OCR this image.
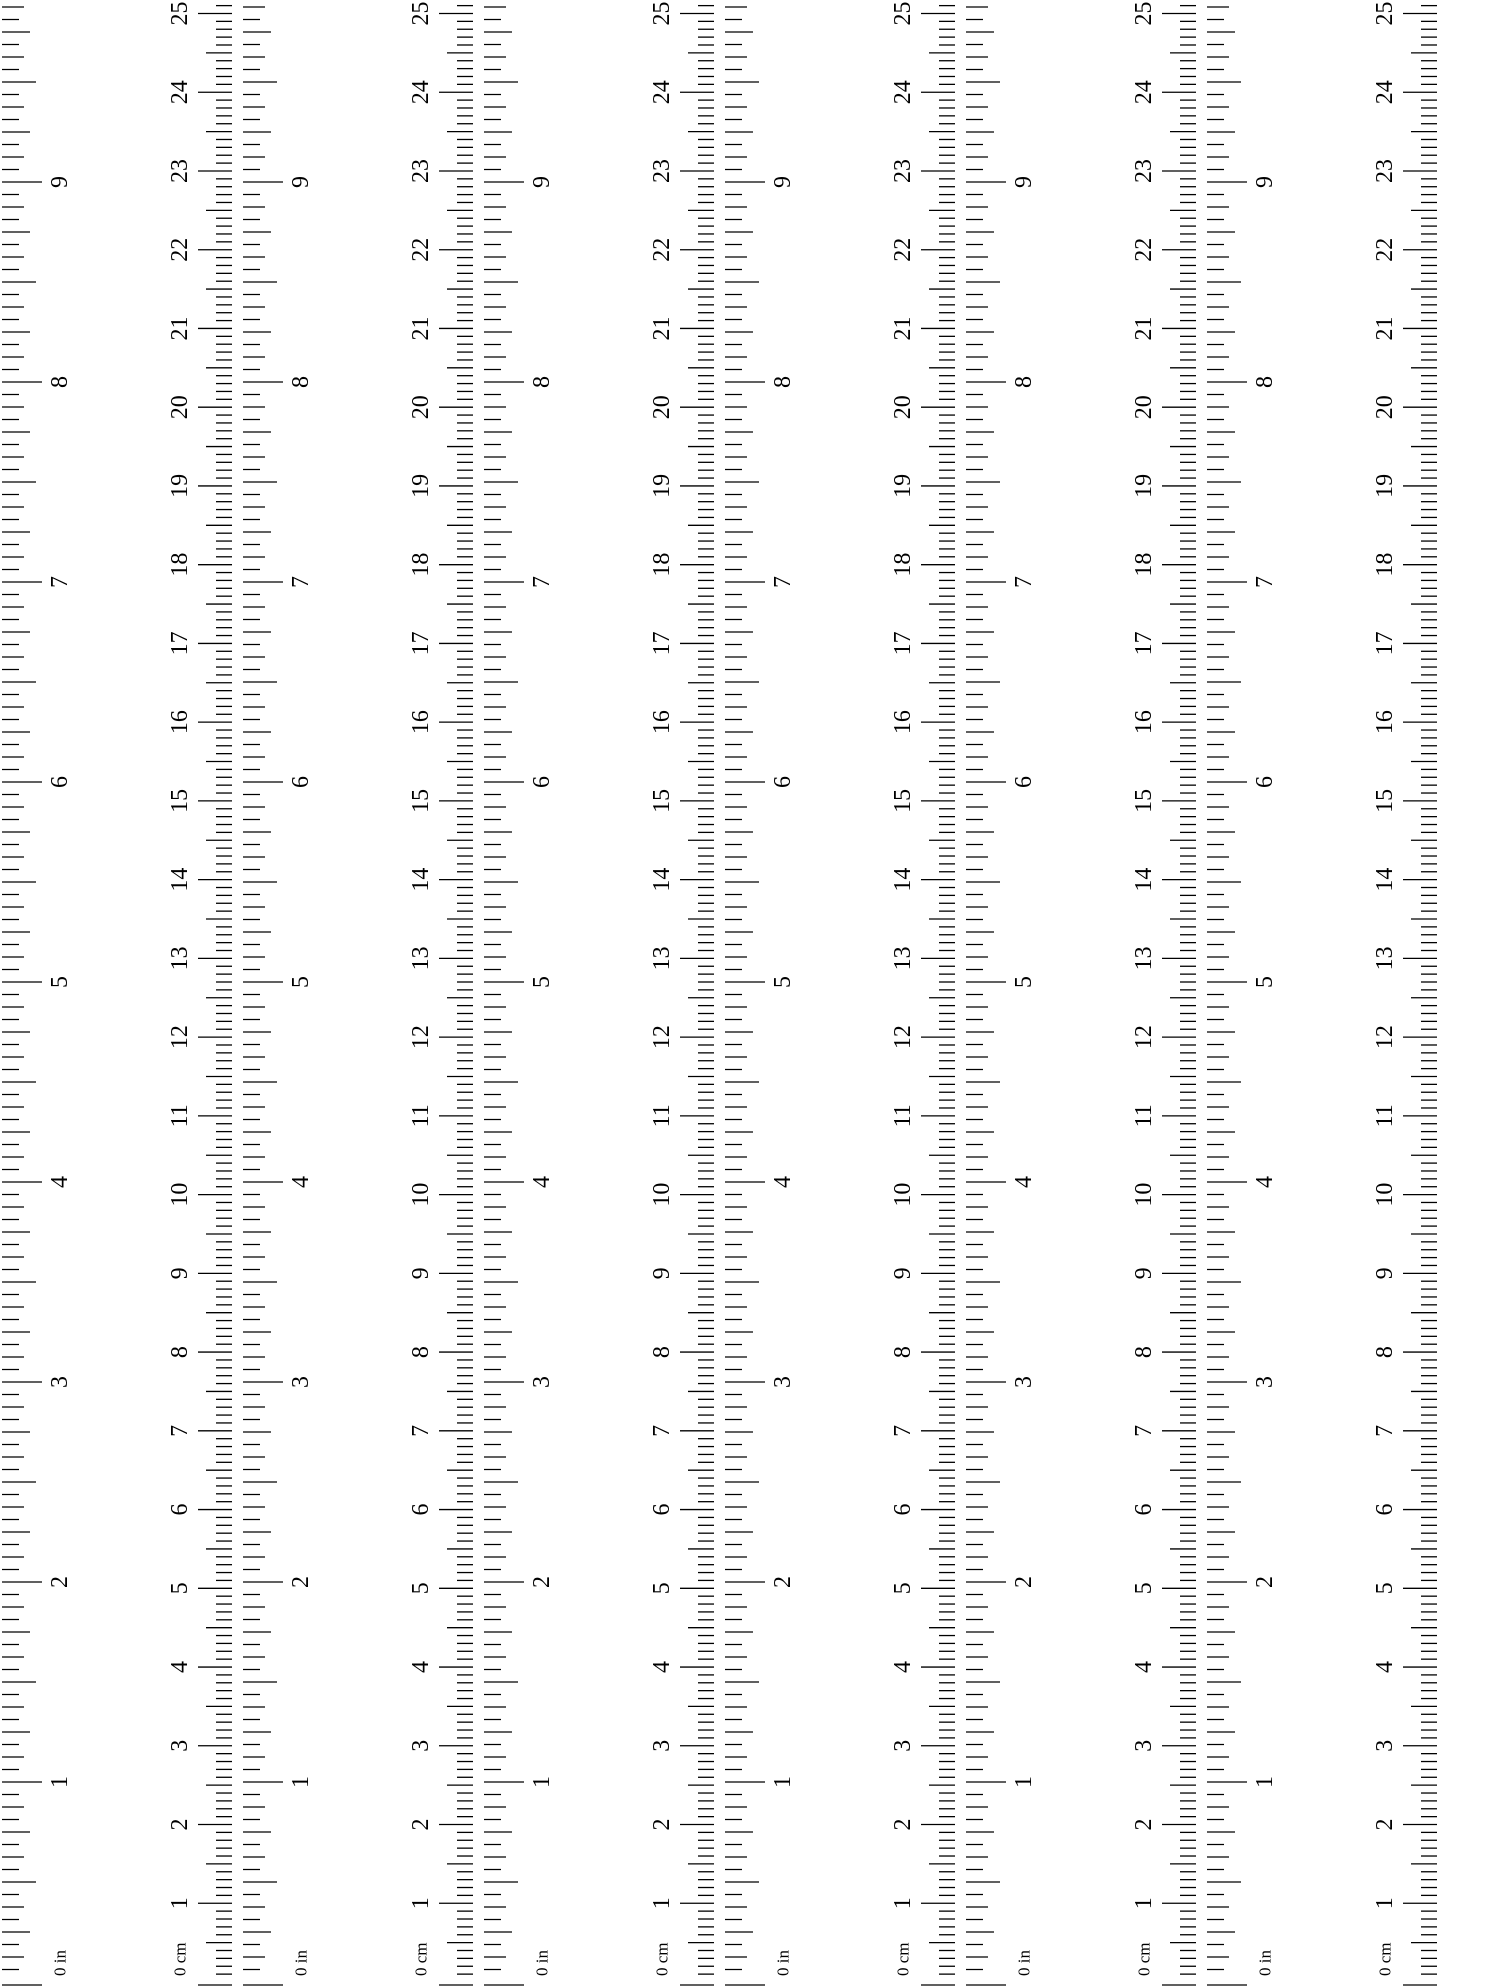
0 in
1
2
3
4
5
6
7
8
9
0 in
1
2
3
4
5
6
7
8
9
0 in
1
2
3
4
5
6
7
8
9
0 in
1
2
3
4
5
6
7
8
9
0 in
1
2
3
4
5
6
7
8
9
0 in
1
2
3
4
5
6
7
8
9
0 cm
1
2
3
4
5
6
7
8
9
10
11
12
13
14
15
16
17
18
19
20
21
22
23
24
25
0 cm
1
2
3
4
5
6
7
8
9
10
11
12
13
14
15
16
17
18
19
20
21
22
23
24
25
0 cm
1
2
3
4
5
6
7
8
9
10
11
12
13
14
15
16
17
18
19
20
21
22
23
24
25
0 cm
1
2
3
4
5
6
7
8
9
10
11
12
13
14
15
16
17
18
19
20
21
22
23
24
25
0 cm
1
2
3
4
5
6
7
8
9
10
11
12
13
14
15
16
17
18
19
20
21
22
23
24
25
0 cm
1
2
3
4
5
6
7
8
9
10
11
12
13
14
15
16
17
18
19
20
21
22
23
24
25
